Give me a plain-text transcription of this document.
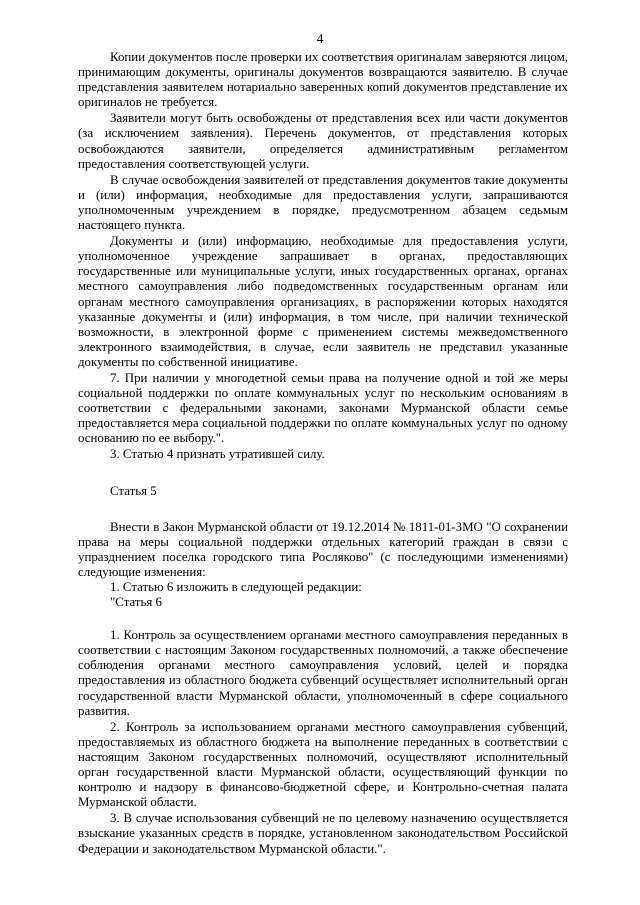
4

Копии документов после проверки их соответствия оригиналам заверяются лицом, принимающим документы, оригиналы документов возвращаются заявителю. В случае представления заявителем нотариально заверенных копий документов представление их оригиналов не требуется.

Заявители могут быть освобождены от представления всех или части документов (за исключением заявления). Перечень документов, от представления которых освобождаются заявители, определяется административным регламентом предоставления соответствующей услуги.

В случае освобождения заявителей от представления документов такие документы и (или) информация, необходимые для предоставления услуги, запрашиваются уполномоченным учреждением в порядке, предусмотренном абзацем седьмым настоящего пункта.

Документы и (или) информацию, необходимые для предоставления услуги, уполномоченное учреждение запрашивает в органах, предоставляющих государственные или муниципальные услуги, иных государственных органах, органах местного самоуправления либо подведомственных государственным органам или органам местного самоуправления организациях, в распоряжении которых находятся указанные документы и (или) информация, в том числе, при наличии технической возможности, в электронной форме с применением системы межведомственного электронного взаимодействия, в случае, если заявитель не представил указанные документы по собственной инициативе.

7. При наличии у многодетной семьи права на получение одной и той же меры социальной поддержки по оплате коммунальных услуг по нескольким основаниям в соответствии с федеральными законами, законами Мурманской области семье предоставляется мера социальной поддержки по оплате коммунальных услуг по одному основанию по ее выбору.".

3. Статью 4 признать утратившей силу.

Статья 5

Внести в Закон Мурманской области от 19.12.2014 № 1811-01-ЗМО "О сохранении права на меры социальной поддержки отдельных категорий граждан в связи с упразднением поселка городского типа Росляково" (с последующими изменениями) следующие изменения:

1. Статью 6 изложить в следующей редакции:

"Статья 6

1. Контроль за осуществлением органами местного самоуправления переданных в соответствии с настоящим Законом государственных полномочий, а также обеспечение соблюдения органами местного самоуправления условий, целей и порядка предоставления из областного бюджета субвенций осуществляет исполнительный орган государственной власти Мурманской области, уполномоченный в сфере социального развития.

2. Контроль за использованием органами местного самоуправления субвенций, предоставляемых из областного бюджета на выполнение переданных в соответствии с настоящим Законом государственных полномочий, осуществляют исполнительный орган государственной власти Мурманской области, осуществляющий функции по контролю и надзору в финансово-бюджетной сфере, и Контрольно-счетная палата Мурманской области.

3. В случае использования субвенций не по целевому назначению осуществляется взыскание указанных средств в порядке, установленном законодательством Российской Федерации и законодательством Мурманской области.".
